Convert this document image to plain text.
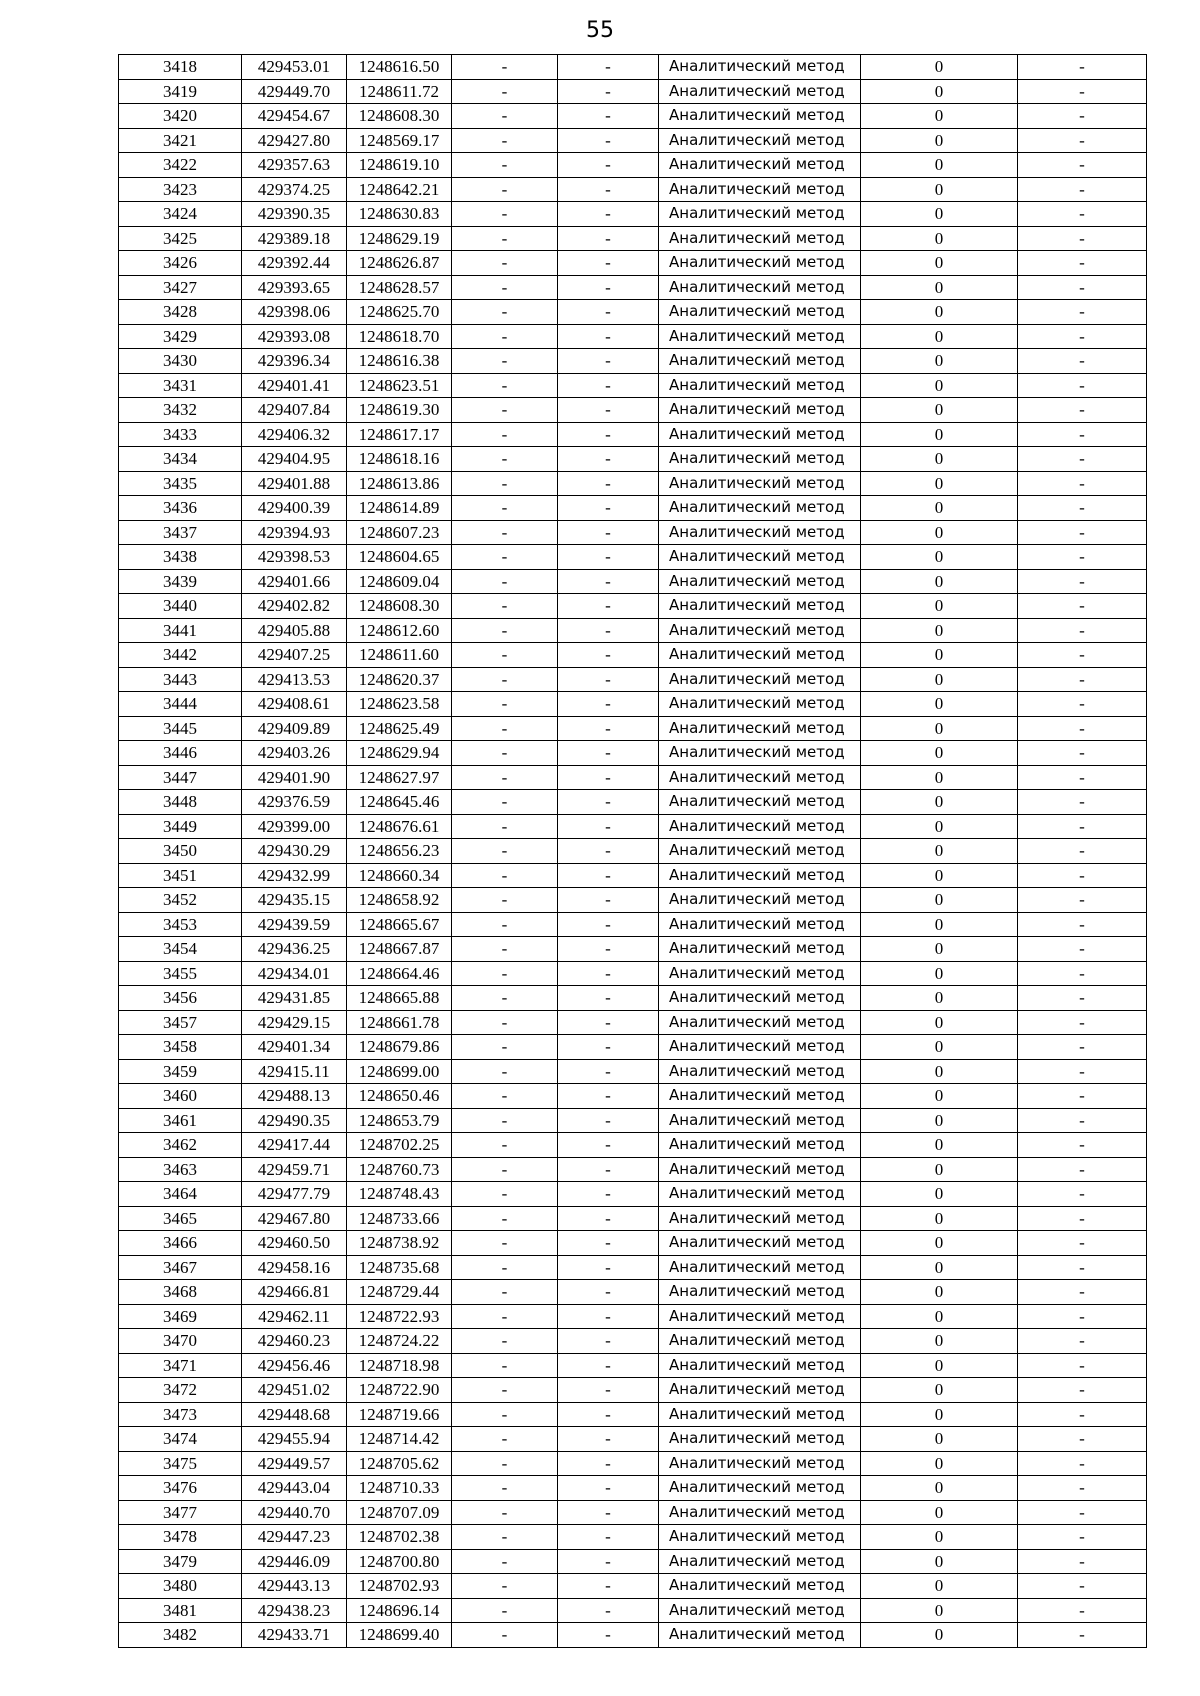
55
3418	429453.01	1248616.50	-	-	Аналитический метод	0	-
3419	429449.70	1248611.72	-	-	Аналитический метод	0	-
3420	429454.67	1248608.30	-	-	Аналитический метод	0	-
3421	429427.80	1248569.17	-	-	Аналитический метод	0	-
3422	429357.63	1248619.10	-	-	Аналитический метод	0	-
3423	429374.25	1248642.21	-	-	Аналитический метод	0	-
3424	429390.35	1248630.83	-	-	Аналитический метод	0	-
3425	429389.18	1248629.19	-	-	Аналитический метод	0	-
3426	429392.44	1248626.87	-	-	Аналитический метод	0	-
3427	429393.65	1248628.57	-	-	Аналитический метод	0	-
3428	429398.06	1248625.70	-	-	Аналитический метод	0	-
3429	429393.08	1248618.70	-	-	Аналитический метод	0	-
3430	429396.34	1248616.38	-	-	Аналитический метод	0	-
3431	429401.41	1248623.51	-	-	Аналитический метод	0	-
3432	429407.84	1248619.30	-	-	Аналитический метод	0	-
3433	429406.32	1248617.17	-	-	Аналитический метод	0	-
3434	429404.95	1248618.16	-	-	Аналитический метод	0	-
3435	429401.88	1248613.86	-	-	Аналитический метод	0	-
3436	429400.39	1248614.89	-	-	Аналитический метод	0	-
3437	429394.93	1248607.23	-	-	Аналитический метод	0	-
3438	429398.53	1248604.65	-	-	Аналитический метод	0	-
3439	429401.66	1248609.04	-	-	Аналитический метод	0	-
3440	429402.82	1248608.30	-	-	Аналитический метод	0	-
3441	429405.88	1248612.60	-	-	Аналитический метод	0	-
3442	429407.25	1248611.60	-	-	Аналитический метод	0	-
3443	429413.53	1248620.37	-	-	Аналитический метод	0	-
3444	429408.61	1248623.58	-	-	Аналитический метод	0	-
3445	429409.89	1248625.49	-	-	Аналитический метод	0	-
3446	429403.26	1248629.94	-	-	Аналитический метод	0	-
3447	429401.90	1248627.97	-	-	Аналитический метод	0	-
3448	429376.59	1248645.46	-	-	Аналитический метод	0	-
3449	429399.00	1248676.61	-	-	Аналитический метод	0	-
3450	429430.29	1248656.23	-	-	Аналитический метод	0	-
3451	429432.99	1248660.34	-	-	Аналитический метод	0	-
3452	429435.15	1248658.92	-	-	Аналитический метод	0	-
3453	429439.59	1248665.67	-	-	Аналитический метод	0	-
3454	429436.25	1248667.87	-	-	Аналитический метод	0	-
3455	429434.01	1248664.46	-	-	Аналитический метод	0	-
3456	429431.85	1248665.88	-	-	Аналитический метод	0	-
3457	429429.15	1248661.78	-	-	Аналитический метод	0	-
3458	429401.34	1248679.86	-	-	Аналитический метод	0	-
3459	429415.11	1248699.00	-	-	Аналитический метод	0	-
3460	429488.13	1248650.46	-	-	Аналитический метод	0	-
3461	429490.35	1248653.79	-	-	Аналитический метод	0	-
3462	429417.44	1248702.25	-	-	Аналитический метод	0	-
3463	429459.71	1248760.73	-	-	Аналитический метод	0	-
3464	429477.79	1248748.43	-	-	Аналитический метод	0	-
3465	429467.80	1248733.66	-	-	Аналитический метод	0	-
3466	429460.50	1248738.92	-	-	Аналитический метод	0	-
3467	429458.16	1248735.68	-	-	Аналитический метод	0	-
3468	429466.81	1248729.44	-	-	Аналитический метод	0	-
3469	429462.11	1248722.93	-	-	Аналитический метод	0	-
3470	429460.23	1248724.22	-	-	Аналитический метод	0	-
3471	429456.46	1248718.98	-	-	Аналитический метод	0	-
3472	429451.02	1248722.90	-	-	Аналитический метод	0	-
3473	429448.68	1248719.66	-	-	Аналитический метод	0	-
3474	429455.94	1248714.42	-	-	Аналитический метод	0	-
3475	429449.57	1248705.62	-	-	Аналитический метод	0	-
3476	429443.04	1248710.33	-	-	Аналитический метод	0	-
3477	429440.70	1248707.09	-	-	Аналитический метод	0	-
3478	429447.23	1248702.38	-	-	Аналитический метод	0	-
3479	429446.09	1248700.80	-	-	Аналитический метод	0	-
3480	429443.13	1248702.93	-	-	Аналитический метод	0	-
3481	429438.23	1248696.14	-	-	Аналитический метод	0	-
3482	429433.71	1248699.40	-	-	Аналитический метод	0	-
